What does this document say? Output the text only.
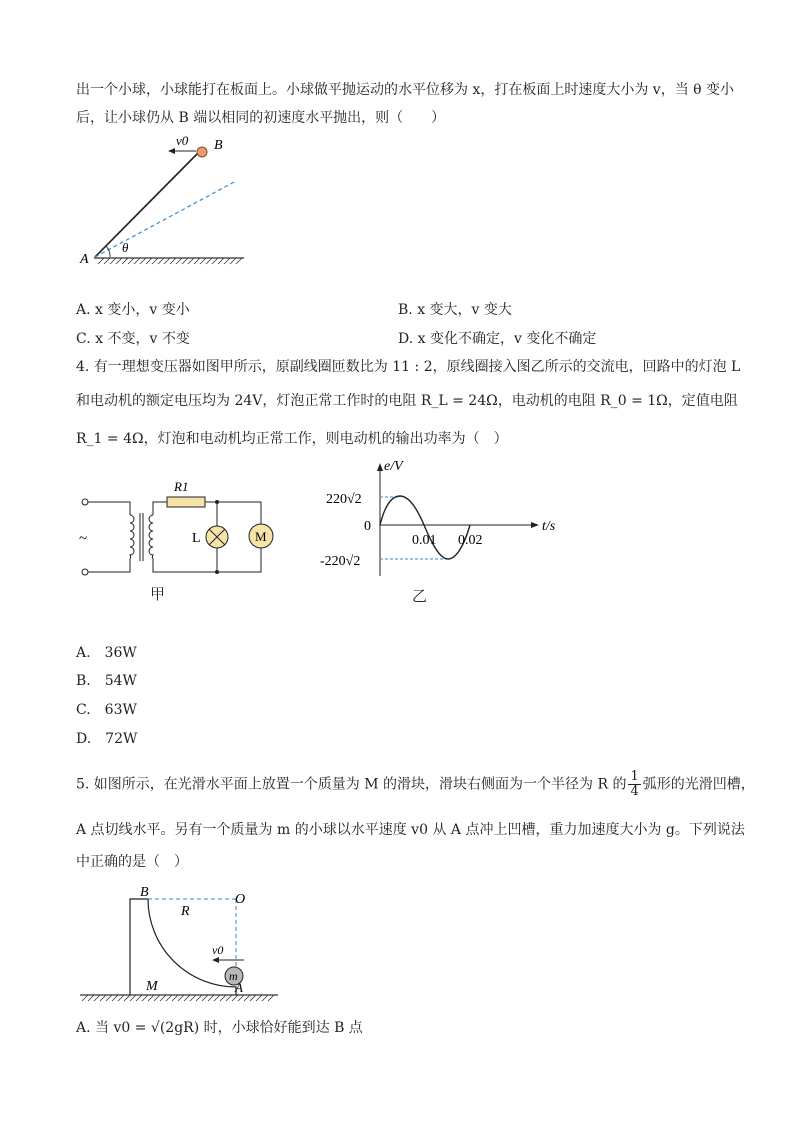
出一个小球，小球能打在板面上。小球做平抛运动的水平位移为 x，打在板面上时速度大小为 v，当 θ 变小
后，让小球仍从 B 端以相同的初速度水平抛出，则（　　）
v0 B
A
θ
A. x 变小，v 变小	B. x 变大，v 变大
C. x 不变，v 不变	D. x 变化不确定，v 变化不确定
4. 有一理想变压器如图甲所示，原副线圈匝数比为 11 : 2，原线圈接入图乙所示的交流电，回路中的灯泡 L
和电动机的额定电压均为 24V，灯泡正常工作时的电阻 R_L = 24Ω，电动机的电阻 R_0 = 1Ω，定值电阻
R_1 = 4Ω，灯泡和电动机均正常工作，则电动机的输出功率为（　）
~
R1
L	M
甲
e/V
t/s
220√2
-220√2
0
0.01 0.02
乙
A.　36W
B.　54W
C.　63W
D.　72W
5. 如图所示，在光滑水平面上放置一个质量为 M 的滑块，滑块右侧面为一个半径为 R 的 $\frac{1}{4}$ 弧形的光滑凹槽，
A 点切线水平。另有一个质量为 m 的小球以水平速度 v0 从 A 点冲上凹槽，重力加速度大小为 g。下列说法
中正确的是（　）
m
v0
B	O
R
M	A
A. 当 v0 = √(2gR) 时，小球恰好能到达 B 点
